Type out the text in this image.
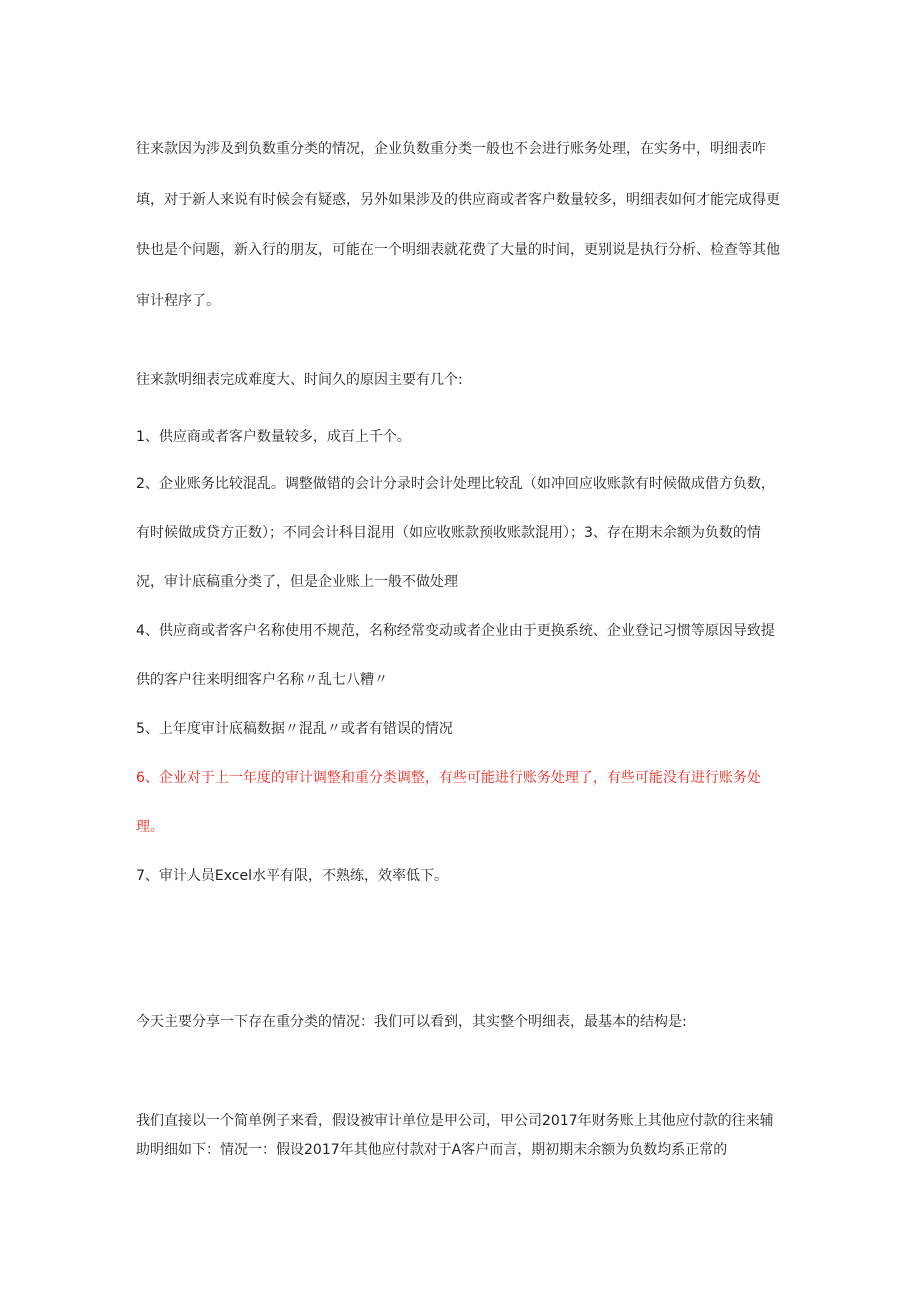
往来款因为涉及到负数重分类的情况，企业负数重分类一般也不会进行账务处理，在实务中，明细表咋填，对于新人来说有时候会有疑惑，另外如果涉及的供应商或者客户数量较多，明细表如何才能完成得更快也是个问题，新入行的朋友，可能在一个明细表就花费了大量的时间，更别说是执行分析、检查等其他审计程序了。

往来款明细表完成难度大、时间久的原因主要有几个:

1、供应商或者客户数量较多，成百上千个。

2、企业账务比较混乱。调整做错的会计分录时会计处理比较乱（如冲回应收账款有时候做成借方负数，有时候做成贷方正数）；不同会计科目混用（如应收账款预收账款混用）；3、存在期末余额为负数的情况，审计底稿重分类了，但是企业账上一般不做处理

4、供应商或者客户名称使用不规范，名称经常变动或者企业由于更换系统、企业登记习惯等原因导致提供的客户往来明细客户名称〃乱七八糟〃

5、上年度审计底稿数据〃混乱〃或者有错误的情况

6、企业对于上一年度的审计调整和重分类调整，有些可能进行账务处理了，有些可能没有进行账务处理。

7、审计人员Excel水平有限，不熟练，效率低下。

今天主要分享一下存在重分类的情况：我们可以看到，其实整个明细表，最基本的结构是:

我们直接以一个简单例子来看，假设被审计单位是甲公司，甲公司2017年财务账上其他应付款的往来辅助明细如下：情况一：假设2017年其他应付款对于A客户而言，期初期末余额为负数均系正常的
